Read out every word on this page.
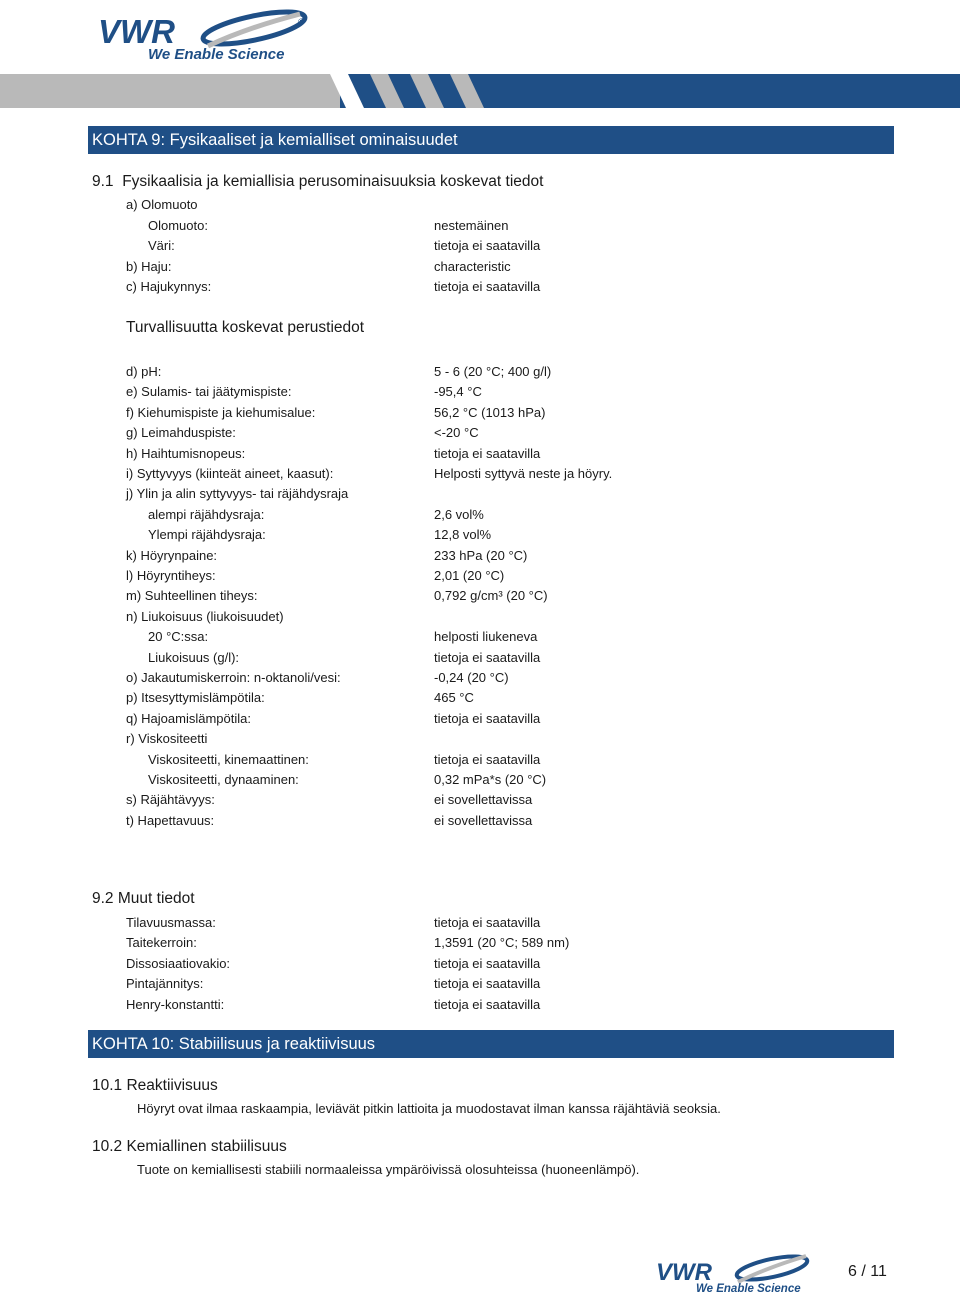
VWR
We Enable Science
®
KOHTA 9: Fysikaaliset ja kemialliset ominaisuudet
9.1 Fysikaalisia ja kemiallisia perusominaisuuksia koskevat tiedot
a) Olomuoto
Olomuoto:	nestemäinen
Väri:	tietoja ei saatavilla
b) Haju:	characteristic
c) Hajukynnys:	tietoja ei saatavilla
Turvallisuutta koskevat perustiedot
d) pH:	5 - 6 (20 °C; 400 g/l)
e) Sulamis- tai jäätymispiste:	-95,4 °C
f) Kiehumispiste ja kiehumisalue:	56,2 °C (1013 hPa)
g) Leimahduspiste:	<-20 °C
h) Haihtumisnopeus:	tietoja ei saatavilla
i) Syttyvyys (kiinteät aineet, kaasut):	Helposti syttyvä neste ja höyry.
j) Ylin ja alin syttyvyys- tai räjähdysraja
alempi räjähdysraja:	2,6 vol%
Ylempi räjähdysraja:	12,8 vol%
k) Höyrynpaine:	233 hPa (20 °C)
l) Höyryntiheys:	2,01 (20 °C)
m) Suhteellinen tiheys:	0,792 g/cm³ (20 °C)
n) Liukoisuus (liukoisuudet)
20 °C:ssa:	helposti liukeneva
Liukoisuus (g/l):	tietoja ei saatavilla
o) Jakautumiskerroin: n-oktanoli/vesi:	-0,24 (20 °C)
p) Itsesyttymislämpötila:	465 °C
q) Hajoamislämpötila:	tietoja ei saatavilla
r) Viskositeetti
Viskositeetti, kinemaattinen:	tietoja ei saatavilla
Viskositeetti, dynaaminen:	0,32 mPa*s (20 °C)
s) Räjähtävyys:	ei sovellettavissa
t) Hapettavuus:	ei sovellettavissa
9.2 Muut tiedot
Tilavuusmassa:	tietoja ei saatavilla
Taitekerroin:	1,3591 (20 °C; 589 nm)
Dissosiaatiovakio:	tietoja ei saatavilla
Pintajännitys:	tietoja ei saatavilla
Henry-konstantti:	tietoja ei saatavilla
KOHTA 10: Stabiilisuus ja reaktiivisuus
10.1 Reaktiivisuus
Höyryt ovat ilmaa raskaampia, leviävät pitkin lattioita ja muodostavat ilman kanssa räjähtäviä seoksia.
10.2 Kemiallinen stabiilisuus
Tuote on kemiallisesti stabiili normaaleissa ympäröivissä olosuhteissa (huoneenlämpö).
VWR
We Enable Science
6 / 11
